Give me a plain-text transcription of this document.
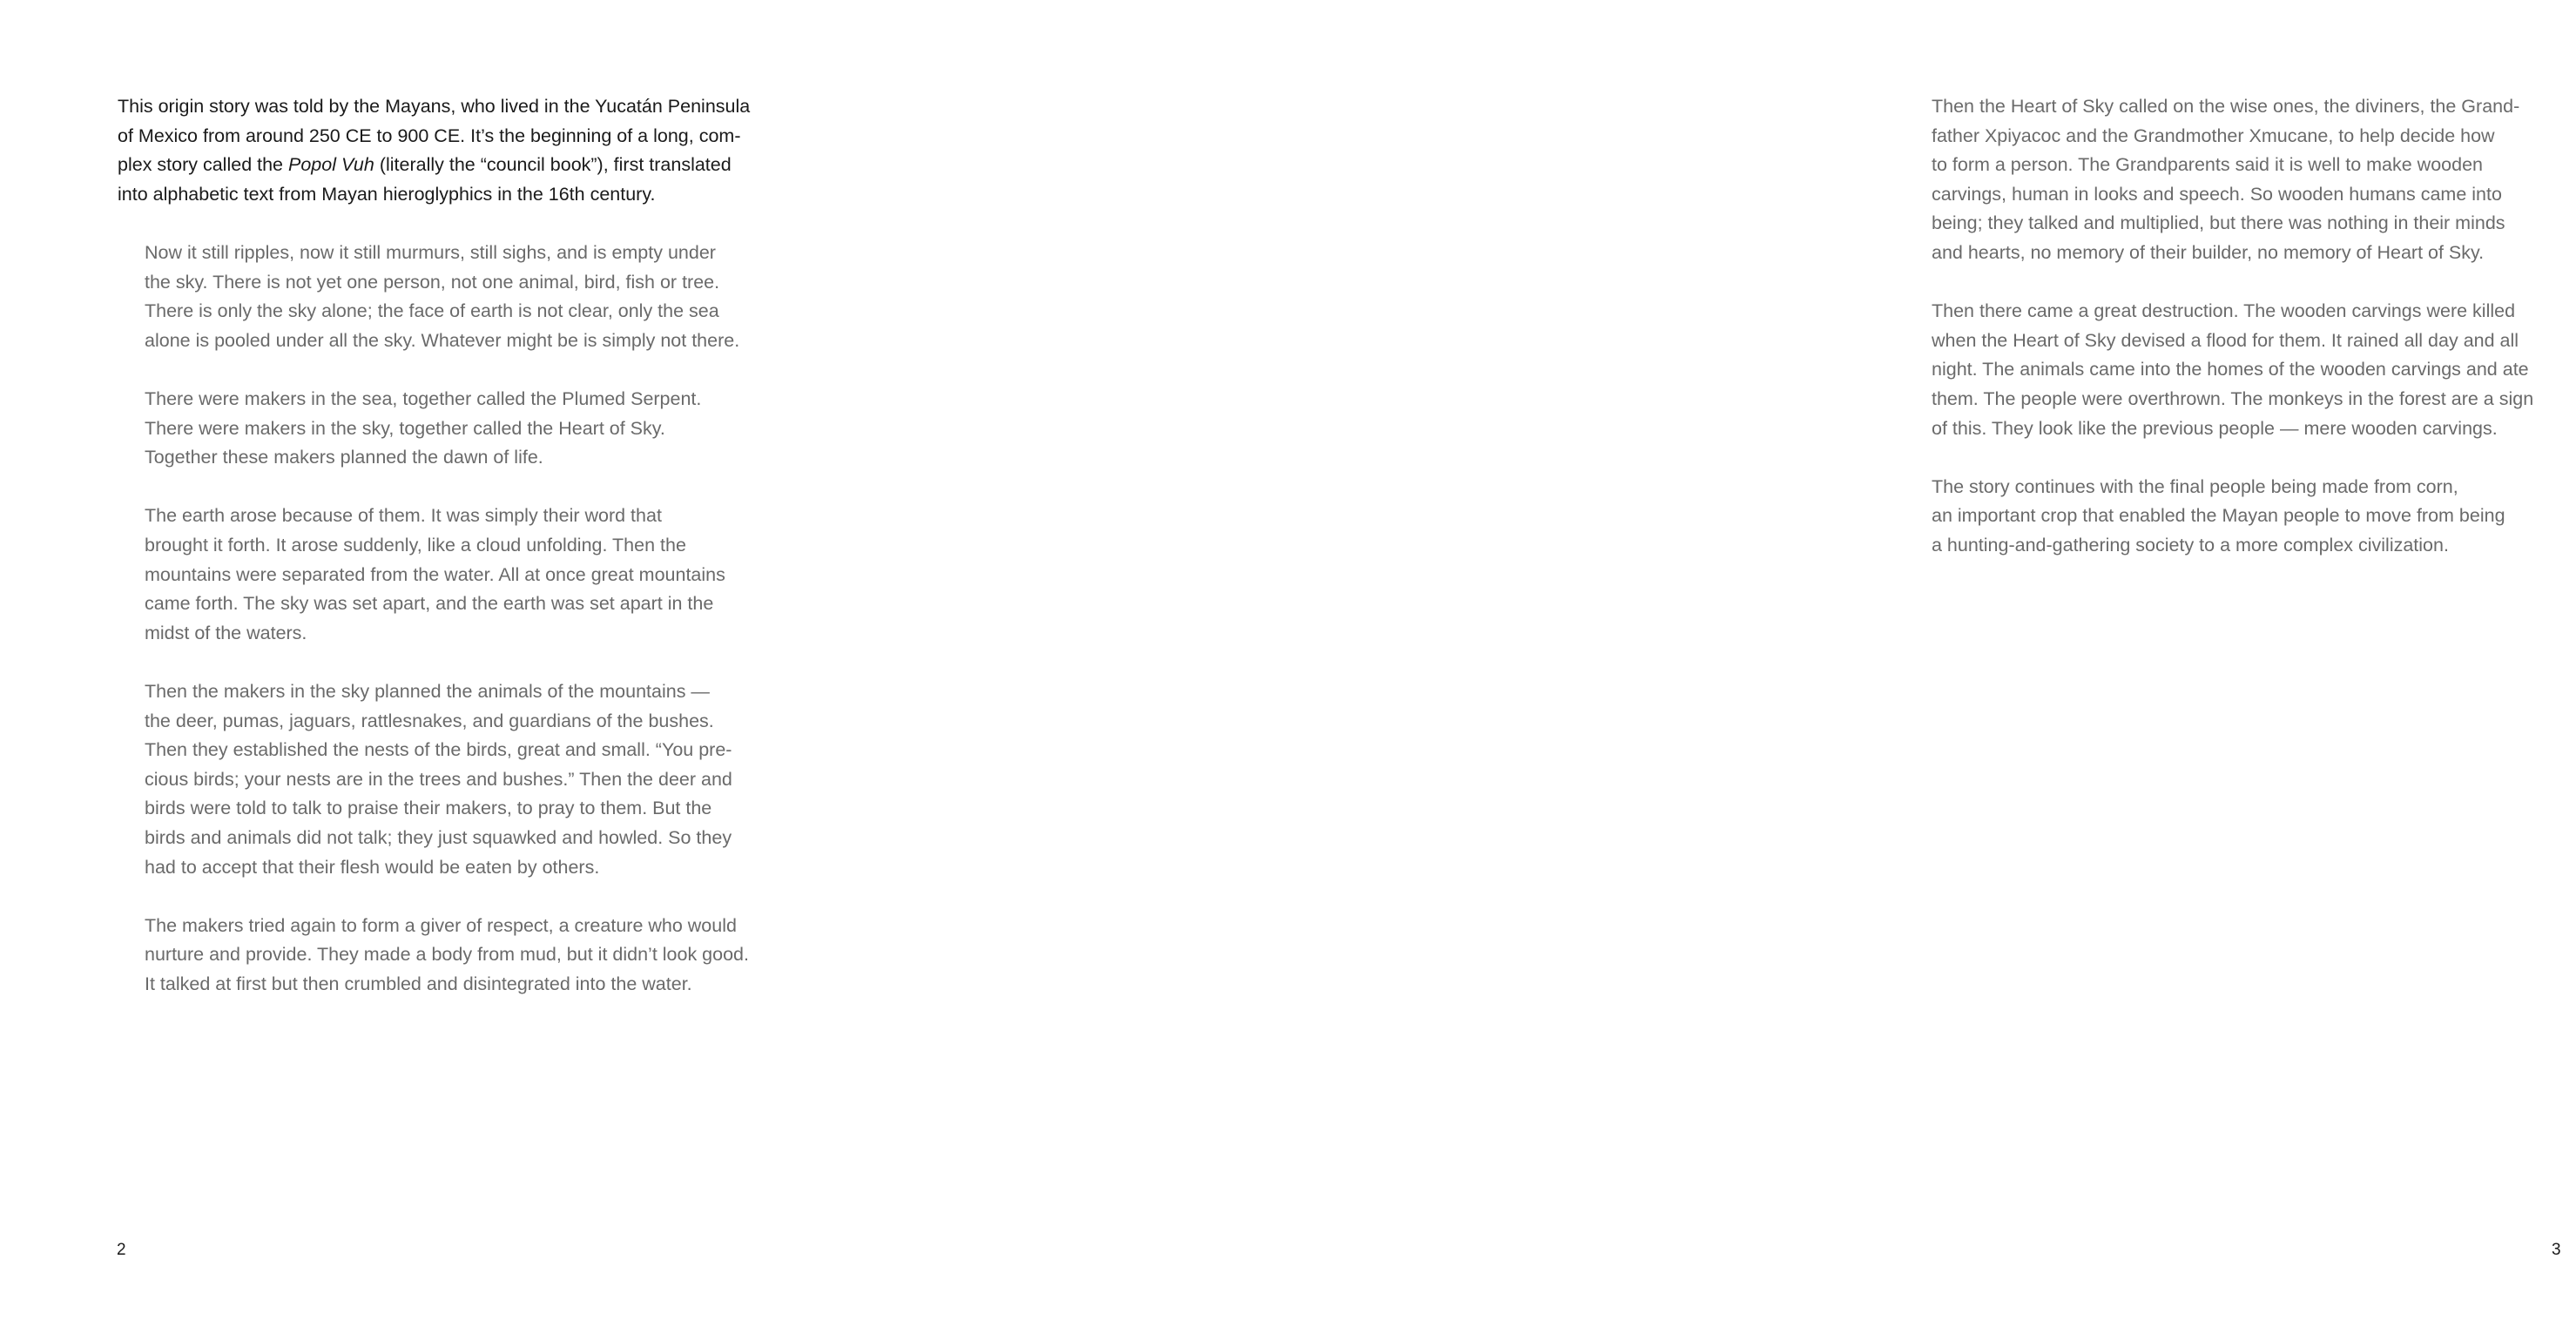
This origin story was told by the Mayans, who lived in the Yucatán Peninsula
of Mexico from around 250 CE to 900 CE. It’s the beginning of a long, com-
plex story called the Popol Vuh (literally the “council book”), first translated
into alphabetic text from Mayan hieroglyphics in the 16th century.

Now it still ripples, now it still murmurs, still sighs, and is empty under
the sky. There is not yet one person, not one animal, bird, fish or tree.
There is only the sky alone; the face of earth is not clear, only the sea
alone is pooled under all the sky. Whatever might be is simply not there.

There were makers in the sea, together called the Plumed Serpent.
There were makers in the sky, together called the Heart of Sky.
Together these makers planned the dawn of life.

The earth arose because of them. It was simply their word that
brought it forth. It arose suddenly, like a cloud unfolding. Then the
mountains were separated from the water. All at once great mountains
came forth. The sky was set apart, and the earth was set apart in the
midst of the waters.

Then the makers in the sky planned the animals of the mountains —
the deer, pumas, jaguars, rattlesnakes, and guardians of the bushes.
Then they established the nests of the birds, great and small. “You pre-
cious birds; your nests are in the trees and bushes.” Then the deer and
birds were told to talk to praise their makers, to pray to them. But the
birds and animals did not talk; they just squawked and howled. So they
had to accept that their flesh would be eaten by others.

The makers tried again to form a giver of respect, a creature who would
nurture and provide. They made a body from mud, but it didn’t look good.
It talked at first but then crumbled and disintegrated into the water.

2

Then the Heart of Sky called on the wise ones, the diviners, the Grand-
father Xpiyacoc and the Grandmother Xmucane, to help decide how
to form a person. The Grandparents said it is well to make wooden
carvings, human in looks and speech. So wooden humans came into
being; they talked and multiplied, but there was nothing in their minds
and hearts, no memory of their builder, no memory of Heart of Sky.

Then there came a great destruction. The wooden carvings were killed
when the Heart of Sky devised a flood for them. It rained all day and all
night. The animals came into the homes of the wooden carvings and ate
them. The people were overthrown. The monkeys in the forest are a sign
of this. They look like the previous people — mere wooden carvings.

The story continues with the final people being made from corn,
an important crop that enabled the Mayan people to move from being
a hunting-and-gathering society to a more complex civilization.

3
